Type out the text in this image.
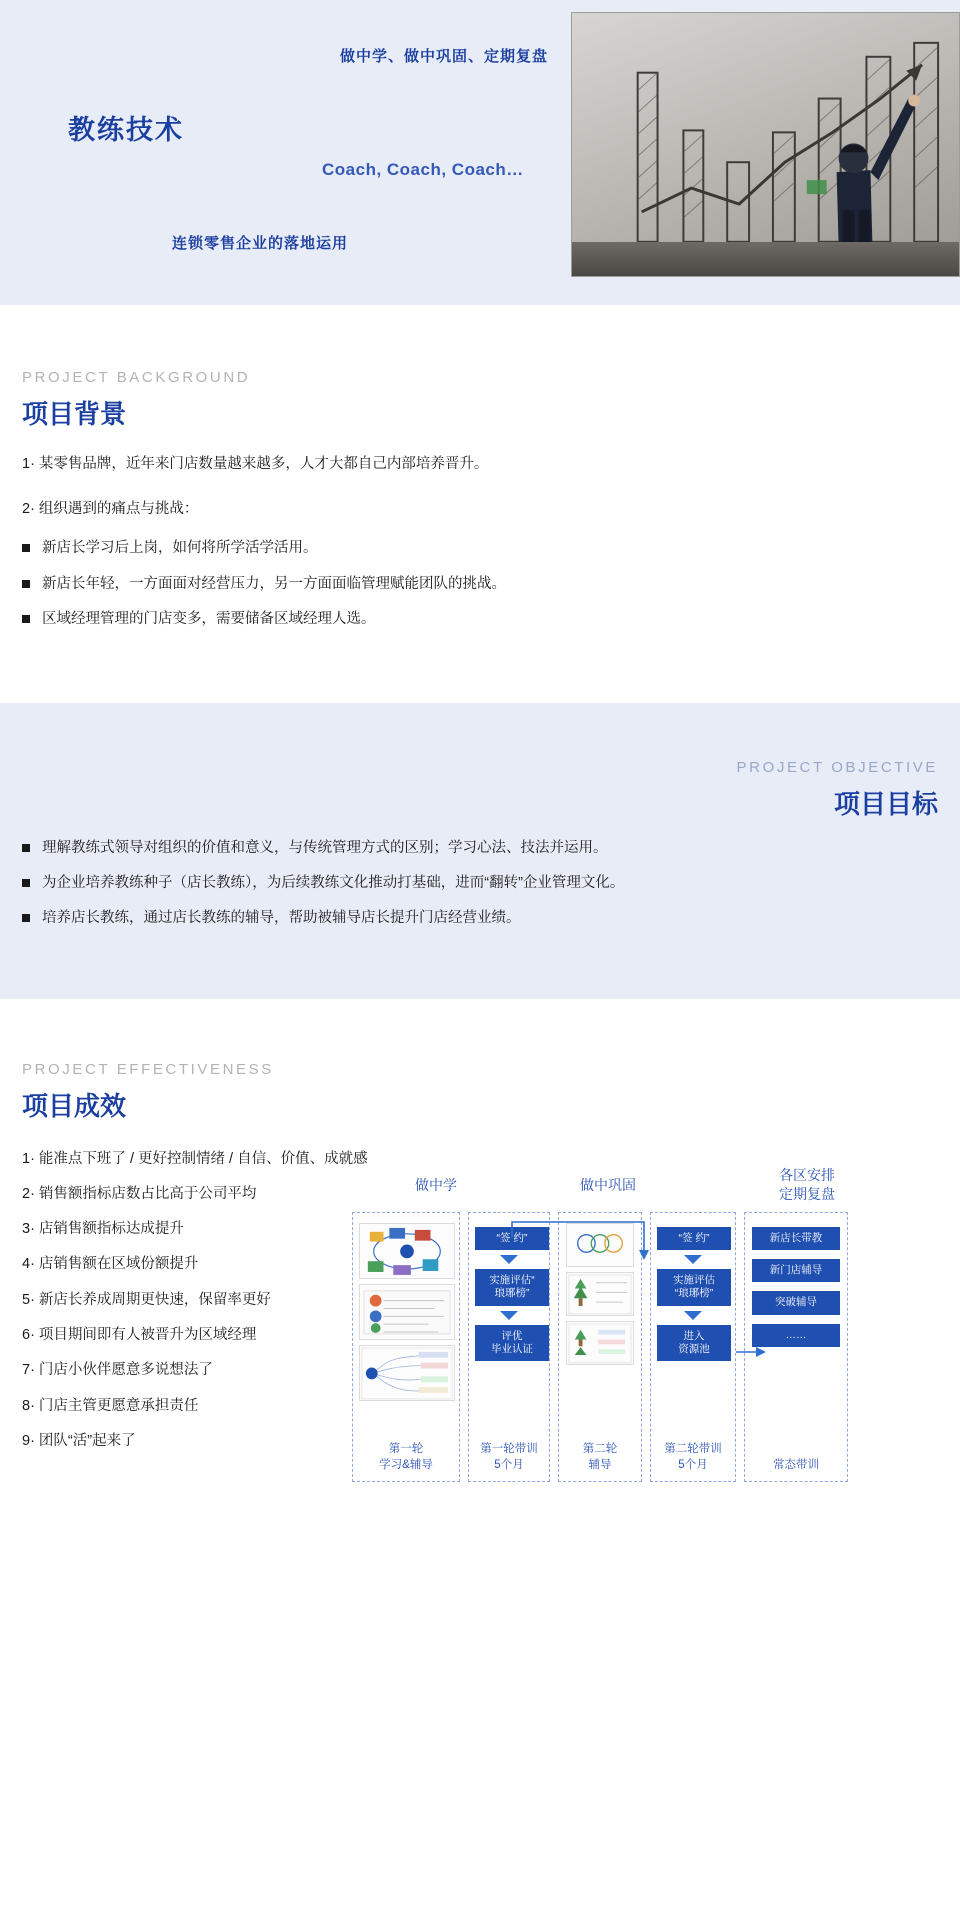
做中学、做中巩固、定期复盘
教练技术
Coach, Coach, Coach…
连锁零售企业的落地运用

PROJECT BACKGROUND

项目背景

1· 某零售品牌，近年来门店数量越来越多，人才大都自己内部培养晋升。

2· 组织遇到的痛点与挑战：

新店长学习后上岗，如何将所学活学活用。
新店长年轻，一方面面对经营压力，另一方面面临管理赋能团队的挑战。
区域经理管理的门店变多，需要储备区域经理人选。

PROJECT OBJECTIVE

项目目标
理解教练式领导对组织的价值和意义，与传统管理方式的区别；学习心法、技法并运用。
为企业培养教练种子（店长教练），为后续教练文化推动打基础，进而“翻转”企业管理文化。
培养店长教练，通过店长教练的辅导，帮助被辅导店长提升门店经营业绩。

PROJECT EFFECTIVENESS

项目成效
1· 能准点下班了 / 更好控制情绪 / 自信、价值、成就感
2· 销售额指标店数占比高于公司平均
3· 店销售额指标达成提升
4· 店销售额在区域份额提升
5· 新店长养成周期更快速，保留率更好
6· 项目期间即有人被晋升为区域经理
7· 门店小伙伴愿意多说想法了
8· 门店主管更愿意承担责任
9· 团队“活”起来了
做中学	做中巩固
各区安排
定期复盘
第一轮
学习&辅导
“签 约”
实施评估“
琅琊榜”
评优
毕业认证
第一轮带训
5个月
第二轮
辅导
“签 约”
实施评估
“琅琊榜”
进入
资源池
第二轮带训
5个月
新店长带教
新门店辅导
突破辅导
……
常态带训
